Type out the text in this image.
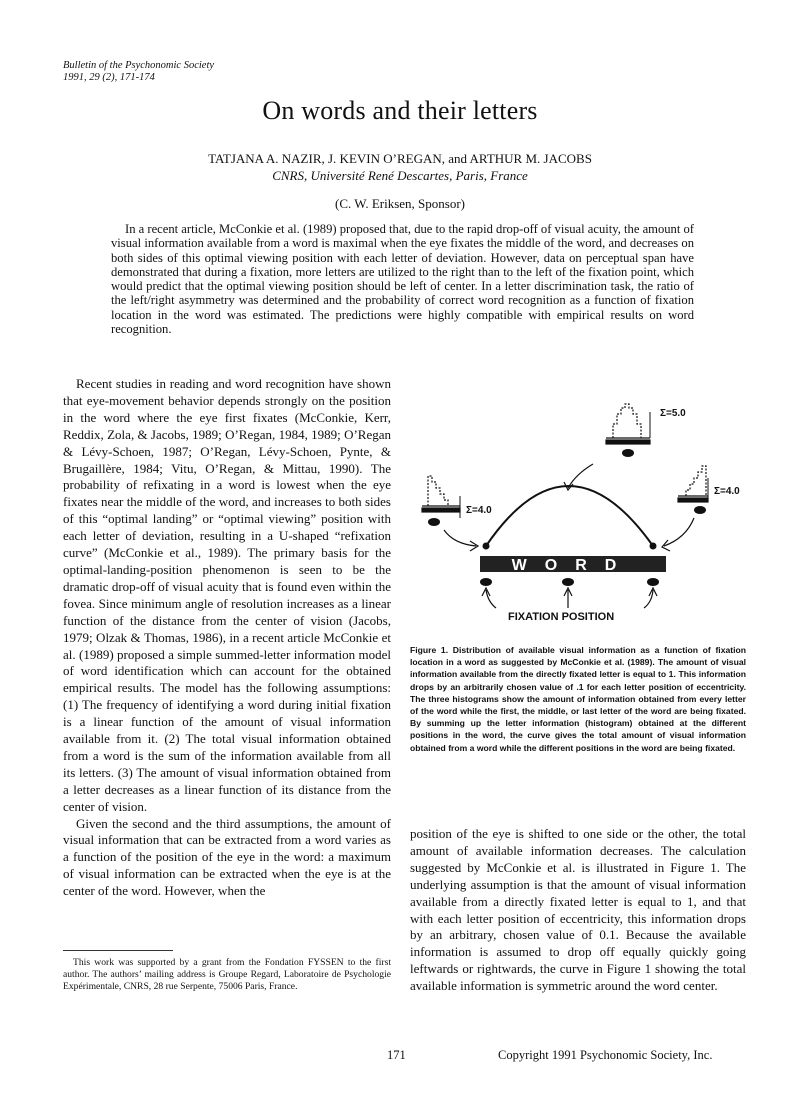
Bulletin of the Psychonomic Society
1991, 29 (2), 171-174
On words and their letters
TATJANA A. NAZIR, J. KEVIN O’REGAN, and ARTHUR M. JACOBS
CNRS, Université René Descartes, Paris, France
(C. W. Eriksen, Sponsor)
In a recent article, McConkie et al. (1989) proposed that, due to the rapid drop-off of visual acuity, the amount of visual information available from a word is maximal when the eye fixates the middle of the word, and decreases on both sides of this optimal viewing position with each letter of deviation. However, data on perceptual span have demonstrated that during a fixation, more letters are utilized to the right than to the left of the fixation point, which would predict that the optimal viewing position should be left of center. In a letter discrimination task, the ratio of the left/right asymmetry was determined and the probability of correct word recognition as a function of fixation location in the word was estimated. The predictions were highly compatible with empirical results on word recognition.

Recent studies in reading and word recognition have shown that eye-movement behavior depends strongly on the position in the word where the eye first fixates (McConkie, Kerr, Reddix, Zola, & Jacobs, 1989; O’Regan, 1984, 1989; O’Regan & Lévy-Schoen, 1987; O’Regan, Lévy-Schoen, Pynte, & Brugaillère, 1984; Vitu, O’Regan, & Mittau, 1990). The probability of refixating in a word is lowest when the eye fixates near the middle of the word, and increases to both sides of this “optimal landing” or “optimal viewing” position with each letter of deviation, resulting in a U-shaped “refixation curve” (McConkie et al., 1989). The primary basis for the optimal-landing-position phenomenon is seen to be the dramatic drop-off of visual acuity that is found even within the fovea. Since minimum angle of resolution increases as a linear function of the distance from the center of vision (Jacobs, 1979; Olzak & Thomas, 1986), in a recent article McConkie et al. (1989) proposed a simple summed-letter information model of word identification which can account for the obtained empirical results. The model has the following assumptions: (1) The frequency of identifying a word during initial fixation is a linear function of the amount of visual information available from it. (2) The total visual information obtained from a word is the sum of the information available from all its letters. (3) The amount of visual information obtained from a letter decreases as a linear function of its distance from the center of vision.

Given the second and the third assumptions, the amount of visual information that can be extracted from a word varies as a function of the position of the eye in the word: a maximum of visual information can be extracted when the eye is at the center of the word. However, when the

Σ=5.0
Σ=4.0
Σ=4.0
WORD
FIXATION POSITION
Figure 1. Distribution of available visual information as a function of fixation location in a word as suggested by McConkie et al. (1989). The amount of visual information available from the directly fixated letter is equal to 1. This information drops by an arbitrarily chosen value of .1 for each letter position of eccentricity. The three histograms show the amount of information obtained from every letter of the word while the first, the middle, or last letter of the word are being fixated. By summing up the letter information (histogram) obtained at the different positions in the word, the curve gives the total amount of visual information obtained from a word while the different positions in the word are being fixated.

position of the eye is shifted to one side or the other, the total amount of available information decreases. The calculation suggested by McConkie et al. is illustrated in Figure 1. The underlying assumption is that the amount of visual information available from a directly fixated letter is equal to 1, and that with each letter position of eccentricity, this information drops by an arbitrary, chosen value of 0.1. Because the available information is assumed to drop off equally quickly going leftwards or rightwards, the curve in Figure 1 showing the total available information is symmetric around the word center.

This work was supported by a grant from the Fondation FYSSEN to the first author. The authors’ mailing address is Groupe Regard, Laboratoire de Psychologie Expérimentale, CNRS, 28 rue Serpente, 75006 Paris, France.
171	Copyright 1991 Psychonomic Society, Inc.
